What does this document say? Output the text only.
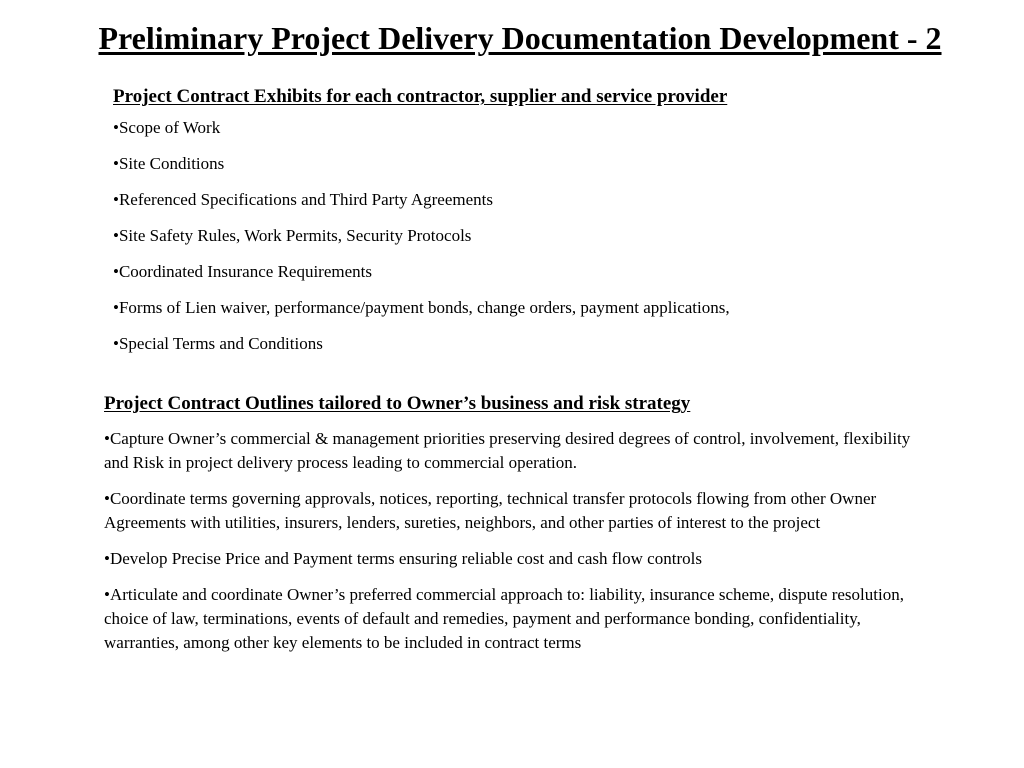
Preliminary Project Delivery Documentation Development - 2
Project Contract Exhibits for each contractor, supplier and service provider
•Scope of Work
•Site Conditions
•Referenced Specifications and Third Party Agreements
•Site Safety Rules, Work Permits, Security Protocols
•Coordinated Insurance Requirements
•Forms of Lien waiver, performance/payment bonds, change orders, payment applications,
•Special Terms and Conditions
Project Contract Outlines tailored to Owner’s business and risk strategy
•Capture Owner’s commercial & management priorities preserving desired degrees of control, involvement, flexibility and Risk in project delivery process leading to commercial operation.
•Coordinate terms governing approvals, notices, reporting, technical transfer protocols flowing from other Owner Agreements with utilities, insurers, lenders, sureties, neighbors, and other parties of interest to the project
•Develop Precise Price and Payment terms ensuring reliable cost and cash flow controls
•Articulate and coordinate Owner’s preferred commercial approach to: liability, insurance scheme, dispute resolution, choice of law, terminations, events of default and remedies, payment and performance bonding, confidentiality, warranties, among other key elements to be included in contract terms
